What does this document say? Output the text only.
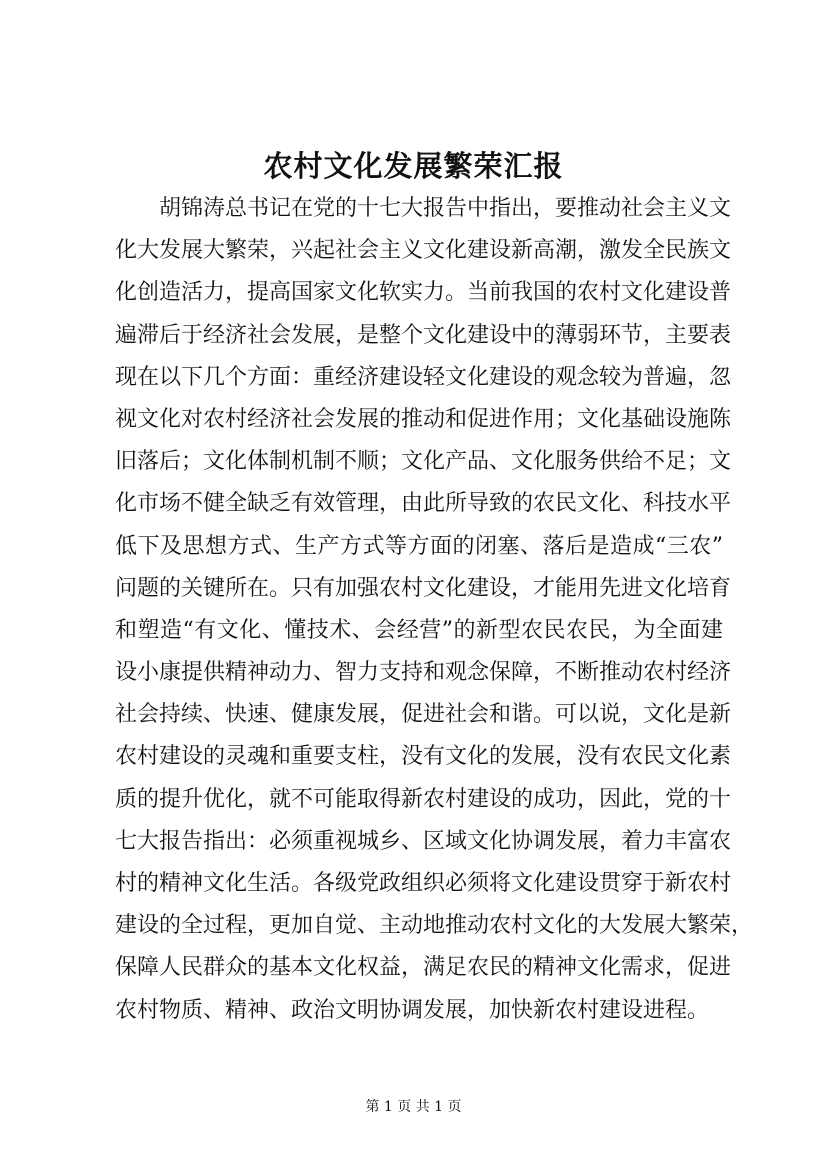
农村文化发展繁荣汇报
胡锦涛总书记在党的十七大报告中指出，要推动社会主义文
化大发展大繁荣，兴起社会主义文化建设新高潮，激发全民族文
化创造活力，提高国家文化软实力。当前我国的农村文化建设普
遍滞后于经济社会发展，是整个文化建设中的薄弱环节，主要表
现在以下几个方面：重经济建设轻文化建设的观念较为普遍，忽
视文化对农村经济社会发展的推动和促进作用；文化基础设施陈
旧落后；文化体制机制不顺；文化产品、文化服务供给不足；文
化市场不健全缺乏有效管理，由此所导致的农民文化、科技水平
低下及思想方式、生产方式等方面的闭塞、落后是造成“三农”
问题的关键所在。只有加强农村文化建设，才能用先进文化培育
和塑造“有文化、懂技术、会经营”的新型农民农民，为全面建
设小康提供精神动力、智力支持和观念保障，不断推动农村经济
社会持续、快速、健康发展，促进社会和谐。可以说，文化是新
农村建设的灵魂和重要支柱，没有文化的发展，没有农民文化素
质的提升优化，就不可能取得新农村建设的成功，因此，党的十
七大报告指出：必须重视城乡、区域文化协调发展，着力丰富农
村的精神文化生活。各级党政组织必须将文化建设贯穿于新农村
建设的全过程，更加自觉、主动地推动农村文化的大发展大繁荣，
保障人民群众的基本文化权益，满足农民的精神文化需求，促进
农村物质、精神、政治文明协调发展，加快新农村建设进程。
第 1 页 共 1 页
